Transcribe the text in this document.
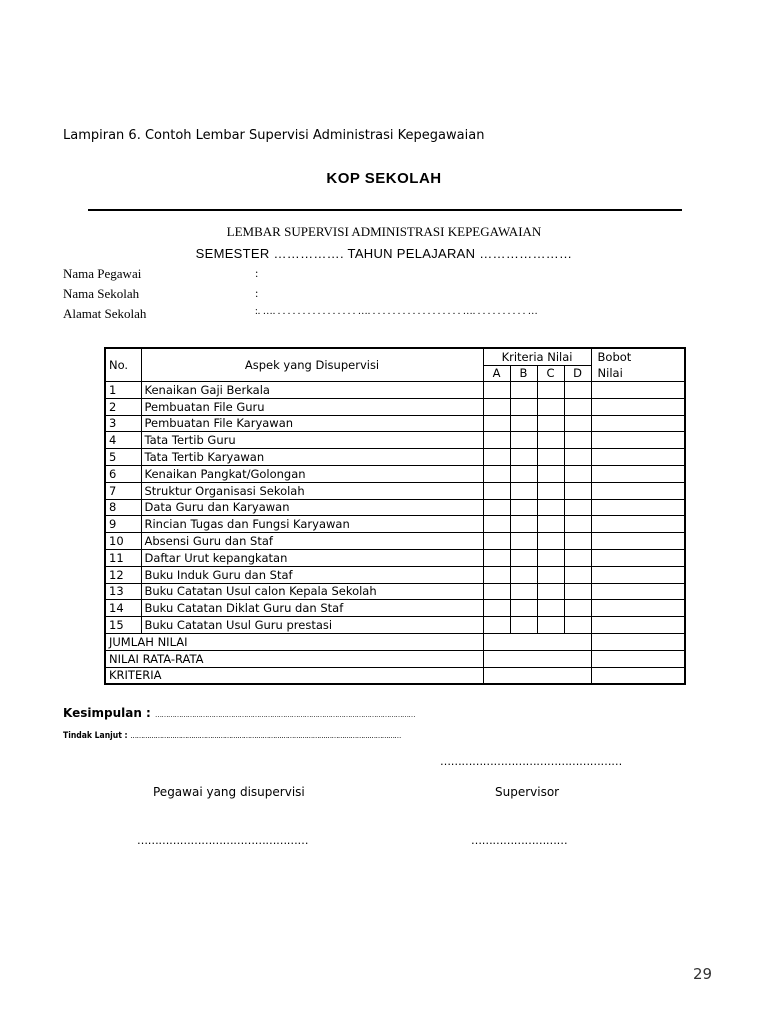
Lampiran 6. Contoh Lembar Supervisi Administrasi Kepegawaian
KOP SEKOLAH
LEMBAR SUPERVISI ADMINISTRASI KEPEGAWAIAN
SEMESTER ……………. TAHUN PELAJARAN …………………
Nama Pegawai	:
Nama Sekolah	:
Alamat Sekolah	:. …. . . . . . . . . . . . . . . . . …. . . . . . . . . . . . . . . . . . . …. . . . . . . . . . . …
No.	Aspek yang Disupervisi	Kriteria Nilai				Bobot
Nilai

		A	B	C	D	
1	Kenaikan Gaji Berkala					
2	Pembuatan File Guru					
3	Pembuatan File Karyawan					
4	Tata Tertib Guru					
5	Tata Tertib Karyawan					
6	Kenaikan Pangkat/Golongan					
7	Struktur Organisasi Sekolah					
8	Data Guru dan Karyawan					
9	Rincian Tugas dan Fungsi Karyawan					
10	Absensi Guru dan Staf					
11	Daftar Urut kepangkatan					
12	Buku Induk Guru dan Staf					
13	Buku Catatan Usul calon Kepala Sekolah					
14	Buku Catatan Diklat Guru dan Staf					
15	Buku Catatan Usul Guru prestasi					
JUMLAH NILAI						
NILAI RATA-RATA						
KRITERIA						
Kesimpulan : …………………………………………………………………………………………………………
Tindak Lanjut : …………………………………………………………………………………………………………………
……………………………………………
Pegawai yang disupervisi	Supervisor
…………………………………………	………………………
29
